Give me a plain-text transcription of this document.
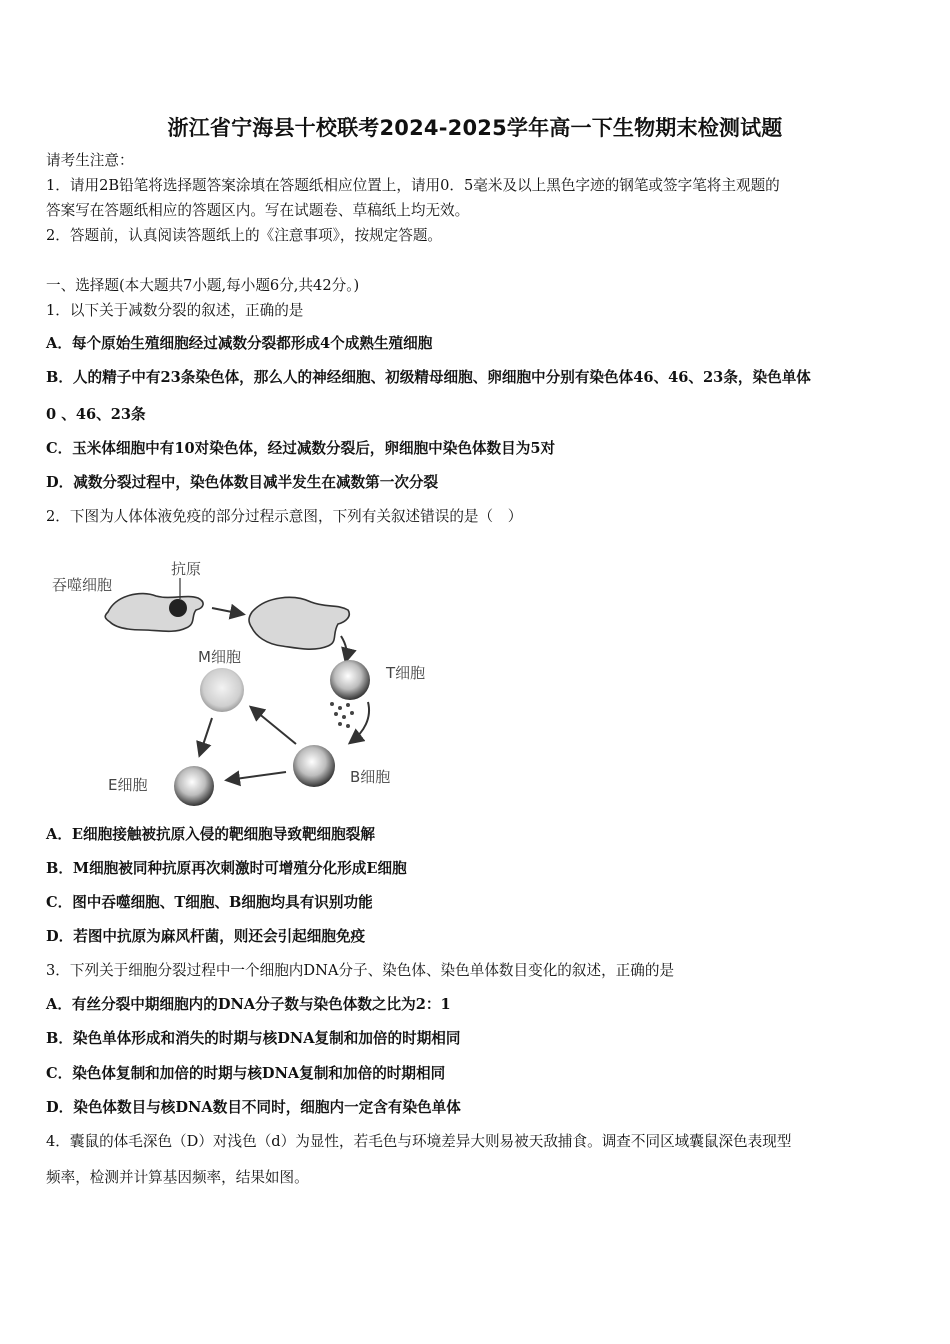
浙江省宁海县十校联考2024-2025学年高一下生物期末检测试题
请考生注意：
1．请用2B铅笔将选择题答案涂填在答题纸相应位置上，请用0．5毫米及以上黑色字迹的钢笔或签字笔将主观题的
答案写在答题纸相应的答题区内。写在试题卷、草稿纸上均无效。
2．答题前，认真阅读答题纸上的《注意事项》，按规定答题。
一、选择题(本大题共7小题,每小题6分,共42分。)
1．以下关于减数分裂的叙述，正确的是
A．每个原始生殖细胞经过减数分裂都形成4个成熟生殖细胞
B．人的精子中有23条染色体，那么人的神经细胞、初级精母细胞、卵细胞中分别有染色体46、46、23条，染色单体
0 、46、23条
C．玉米体细胞中有10对染色体，经过减数分裂后，卵细胞中染色体数目为5对
D．减数分裂过程中，染色体数目减半发生在减数第一次分裂
2．下图为人体体液免疫的部分过程示意图，下列有关叙述错误的是（　）
吞噬细胞
抗原
T细胞
B细胞
M细胞
E细胞
A．E细胞接触被抗原入侵的靶细胞导致靶细胞裂解
B．M细胞被同种抗原再次刺激时可增殖分化形成E细胞
C．图中吞噬细胞、T细胞、B细胞均具有识别功能
D．若图中抗原为麻风杆菌，则还会引起细胞免疫
3．下列关于细胞分裂过程中一个细胞内DNA分子、染色体、染色单体数目变化的叙述，正确的是
A．有丝分裂中期细胞内的DNA分子数与染色体数之比为2：1
B．染色单体形成和消失的时期与核DNA复制和加倍的时期相同
C．染色体复制和加倍的时期与核DNA复制和加倍的时期相同
D．染色体数目与核DNA数目不同时，细胞内一定含有染色单体
4．囊鼠的体毛深色（D）对浅色（d）为显性，若毛色与环境差异大则易被天敌捕食。调查不同区域囊鼠深色表现型
频率，检测并计算基因频率，结果如图。
